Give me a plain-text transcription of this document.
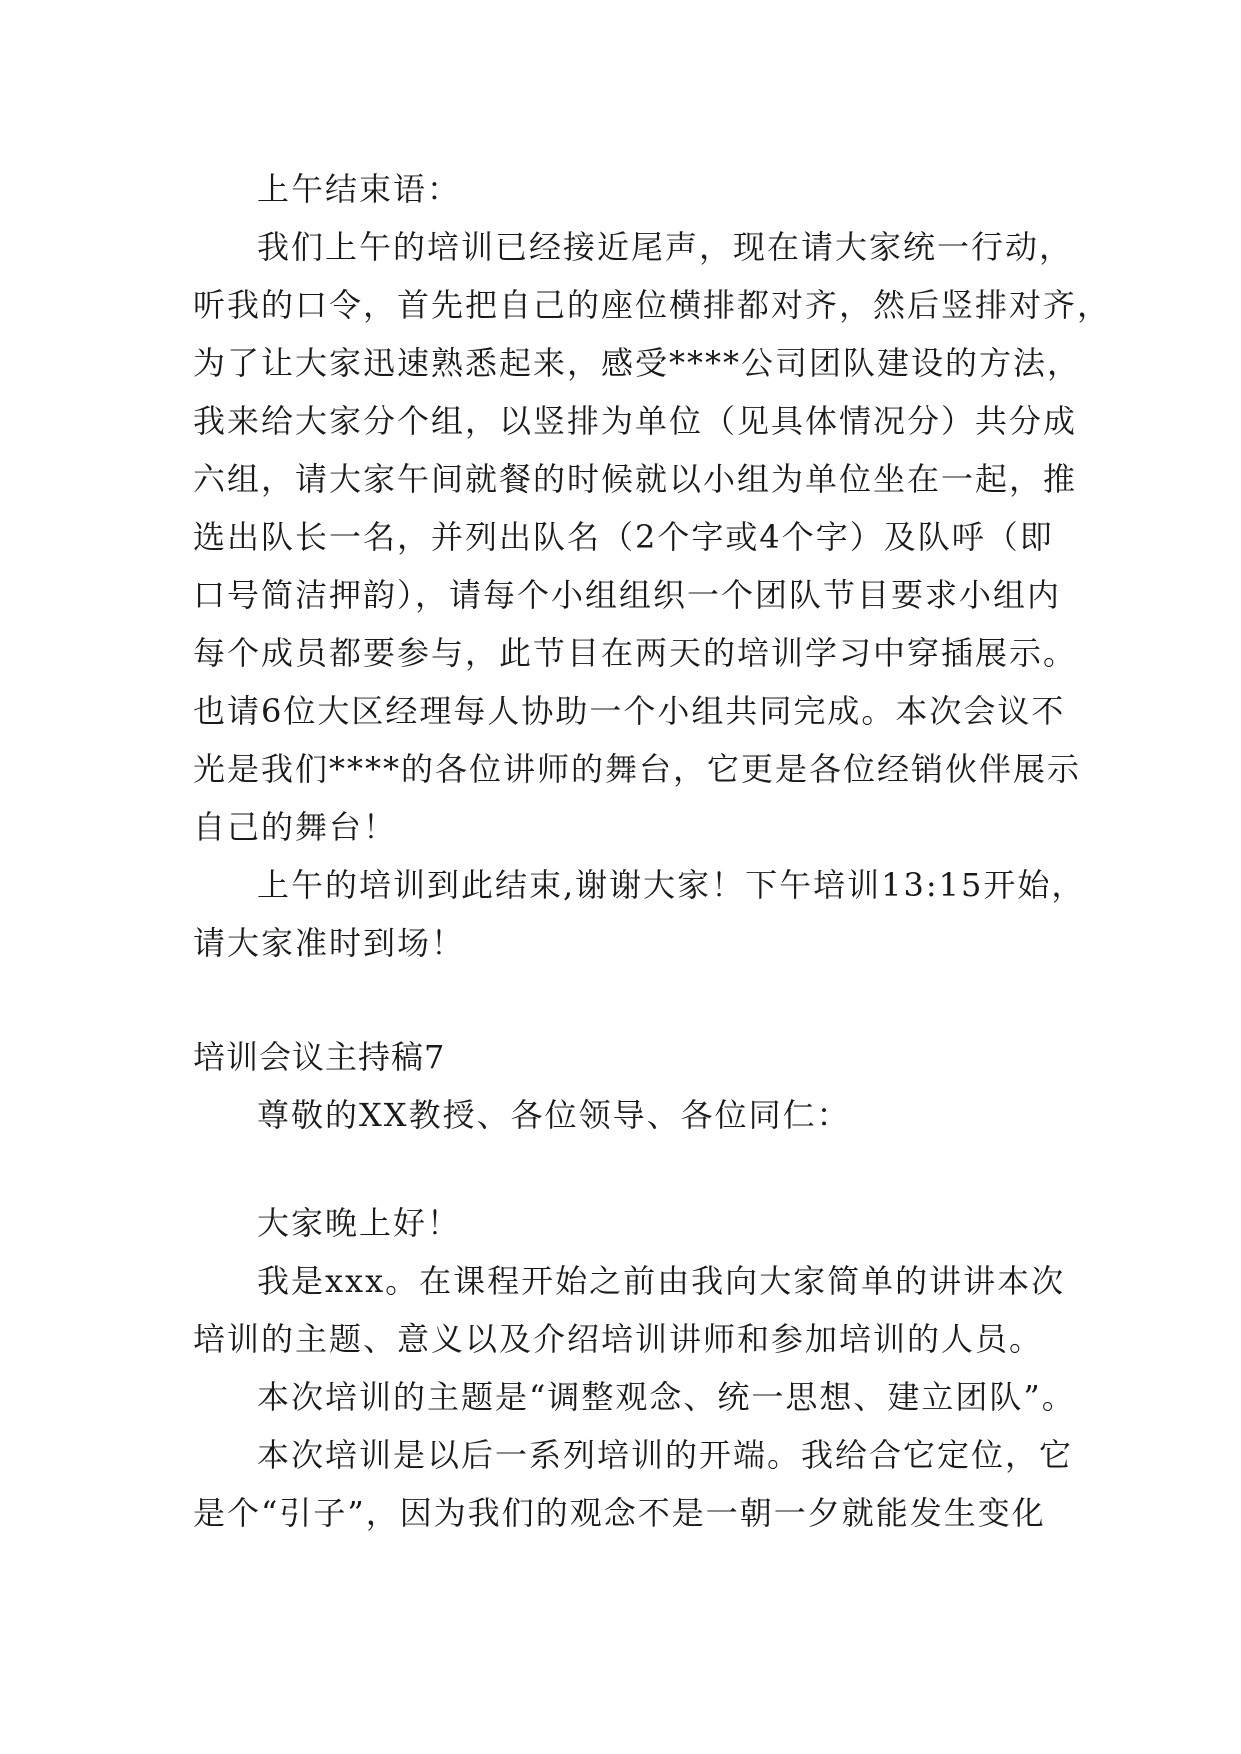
上午结束语：
我们上午的培训已经接近尾声，现在请大家统一行动，
听我的口令，首先把自己的座位横排都对齐，然后竖排对齐，
为了让大家迅速熟悉起来，感受****公司团队建设的方法，
我来给大家分个组，以竖排为单位（见具体情况分）共分成
六组，请大家午间就餐的时候就以小组为单位坐在一起，推
选出队长一名，并列出队名（2个字或4个字）及队呼（即
口号简洁押韵），请每个小组组织一个团队节目要求小组内
每个成员都要参与，此节目在两天的培训学习中穿插展示。
也请6位大区经理每人协助一个小组共同完成。本次会议不
光是我们****的各位讲师的舞台，它更是各位经销伙伴展示
自己的舞台！
上午的培训到此结束,谢谢大家！下午培训13:15开始，
请大家准时到场！
培训会议主持稿7
尊敬的XX教授、各位领导、各位同仁：
大家晚上好！
我是xxx。在课程开始之前由我向大家简单的讲讲本次
培训的主题、意义以及介绍培训讲师和参加培训的人员。
本次培训的主题是“调整观念、统一思想、建立团队”。
本次培训是以后一系列培训的开端。我给合它定位，它
是个“引子”，因为我们的观念不是一朝一夕就能发生变化
